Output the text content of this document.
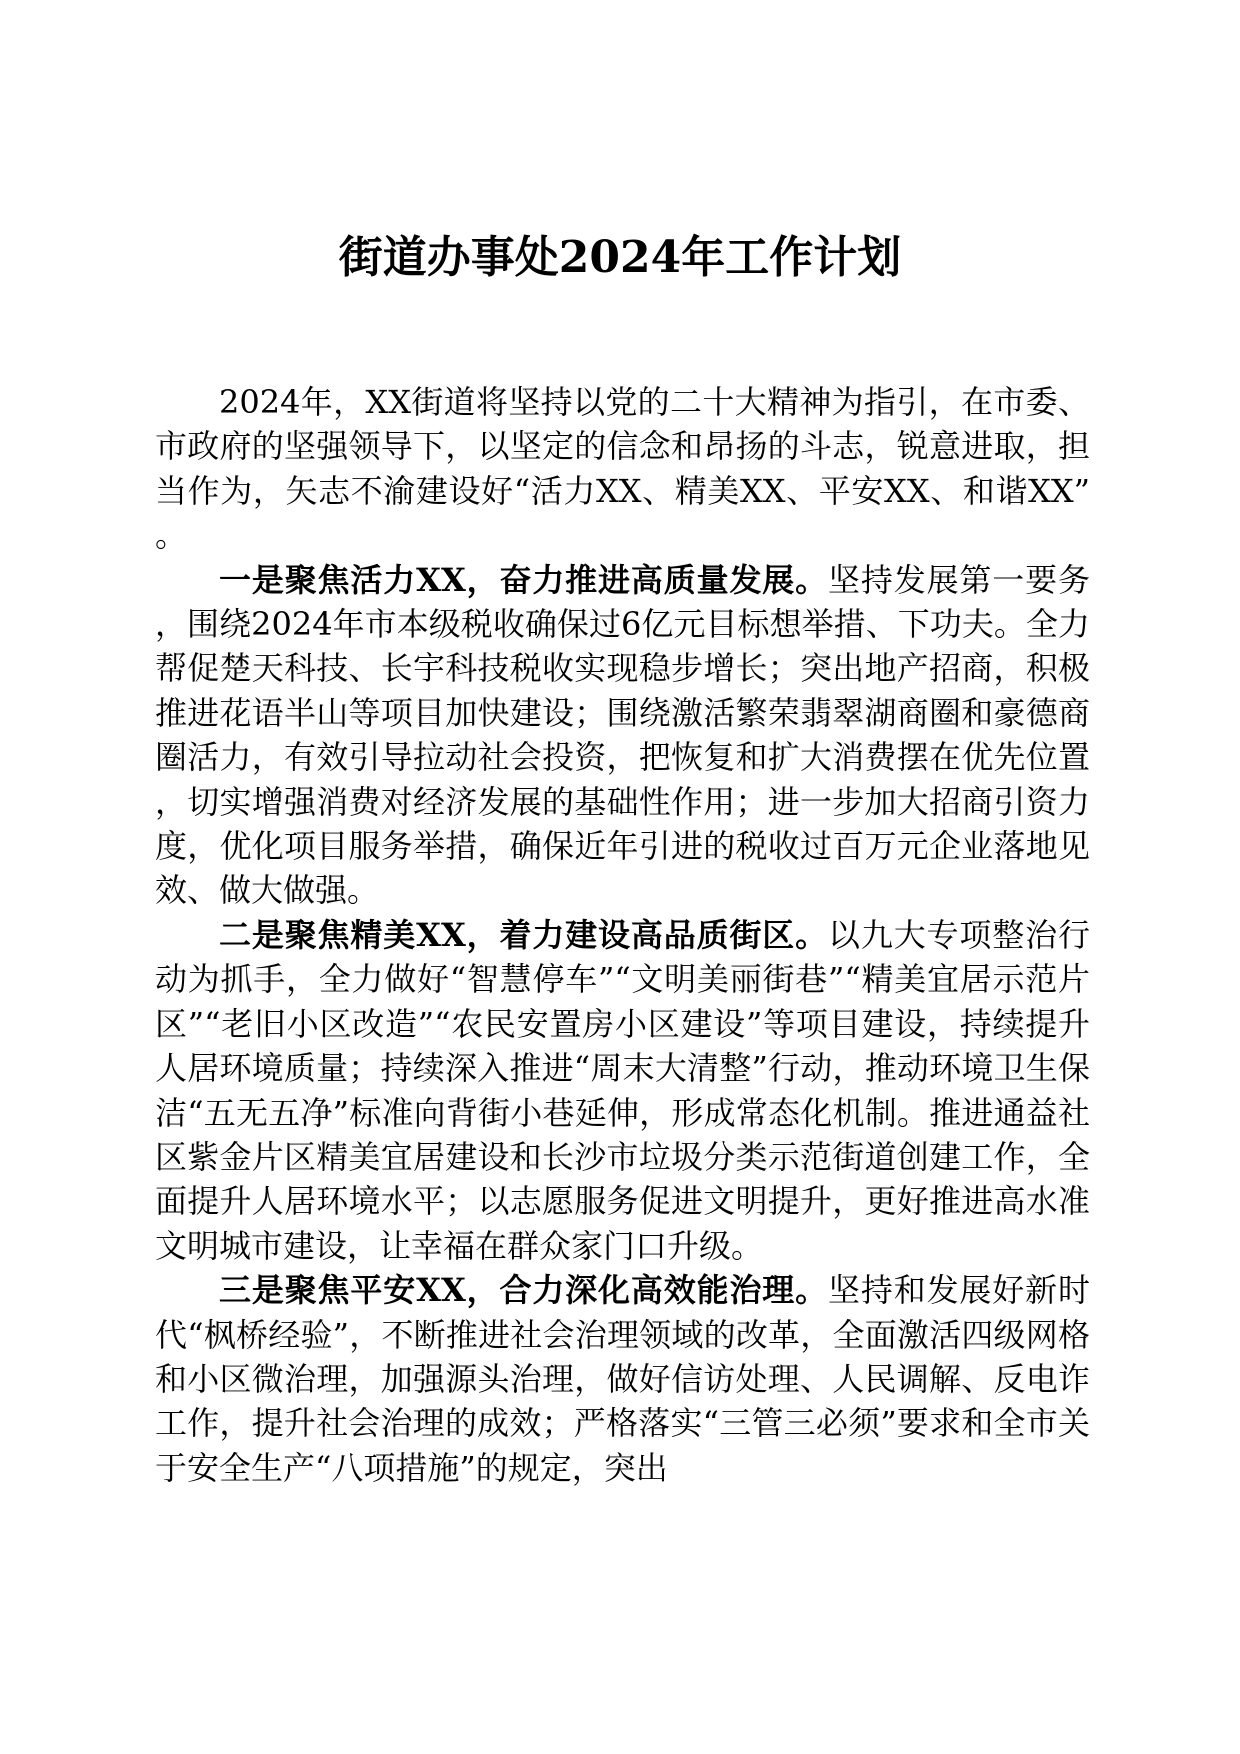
街道办事处2024年工作计划

2024年，XX街道将坚持以党的二十大精神为指引，在市委、市政府的坚强领导下，以坚定的信念和昂扬的斗志，锐意进取，担当作为，矢志不渝建设好“活力XX、精美XX、平安XX、和谐XX”。

一是聚焦活力XX，奋力推进高质量发展。坚持发展第一要务，围绕2024年市本级税收确保过6亿元目标想举措、下功夫。全力帮促楚天科技、长宇科技税收实现稳步增长；突出地产招商，积极推进花语半山等项目加快建设；围绕激活繁荣翡翠湖商圈和豪德商圈活力，有效引导拉动社会投资，把恢复和扩大消费摆在优先位置，切实增强消费对经济发展的基础性作用；进一步加大招商引资力度，优化项目服务举措，确保近年引进的税收过百万元企业落地见效、做大做强。

二是聚焦精美XX，着力建设高品质街区。以九大专项整治行动为抓手，全力做好“智慧停车”“文明美丽街巷”“精美宜居示范片区”“老旧小区改造”“农民安置房小区建设”等项目建设，持续提升人居环境质量；持续深入推进“周末大清整”行动，推动环境卫生保洁“五无五净”标准向背街小巷延伸，形成常态化机制。推进通益社区紫金片区精美宜居建设和长沙市垃圾分类示范街道创建工作，全面提升人居环境水平；以志愿服务促进文明提升，更好推进高水准文明城市建设，让幸福在群众家门口升级。

三是聚焦平安XX，合力深化高效能治理。坚持和发展好新时代“枫桥经验”，不断推进社会治理领域的改革，全面激活四级网格和小区微治理，加强源头治理，做好信访处理、人民调解、反电诈工作，提升社会治理的成效；严格落实“三管三必须”要求和全市关于安全生产“八项措施”的规定，突出
